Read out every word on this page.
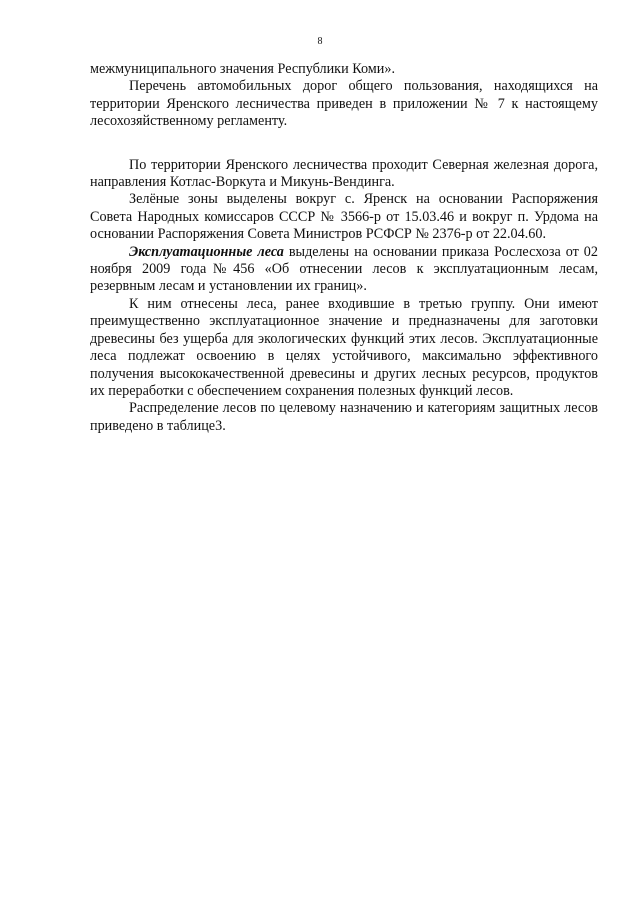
8

межмуниципального значения Республики Коми».

Перечень автомобильных дорог общего пользования, находящихся на территории Яренского лесничества приведен в приложении № 7 к настоящему лесохозяйственному регламенту.

По территории Яренского лесничества проходит Северная железная дорога, направления Котлас-Воркута и Микунь-Вендинга.

Зелёные зоны выделены вокруг с. Яренск на основании Распоряжения Совета Народных комиссаров СССР № 3566-р от 15.03.46 и вокруг п. Урдома на основании Распоряжения Совета Министров РСФСР № 2376-р от 22.04.60.

Эксплуатационные леса выделены на основании приказа Рослесхоза от 02 ноября 2009 года№456 «Об отнесении лесов к эксплуатационным лесам, резервным лесам и установлении их границ».

К ним отнесены леса, ранее входившие в третью группу. Они имеют преимущественно эксплуатационное значение и предназначены для заготовки древесины без ущерба для экологических функций этих лесов. Эксплуатационные леса подлежат освоению в целях устойчивого, максимально эффективного получения высококачественной древесины и других лесных ресурсов, продуктов их переработки с обеспечением сохранения полезных функций лесов.

Распределение лесов по целевому назначению и категориям защитных лесов приведено в таблице3.
